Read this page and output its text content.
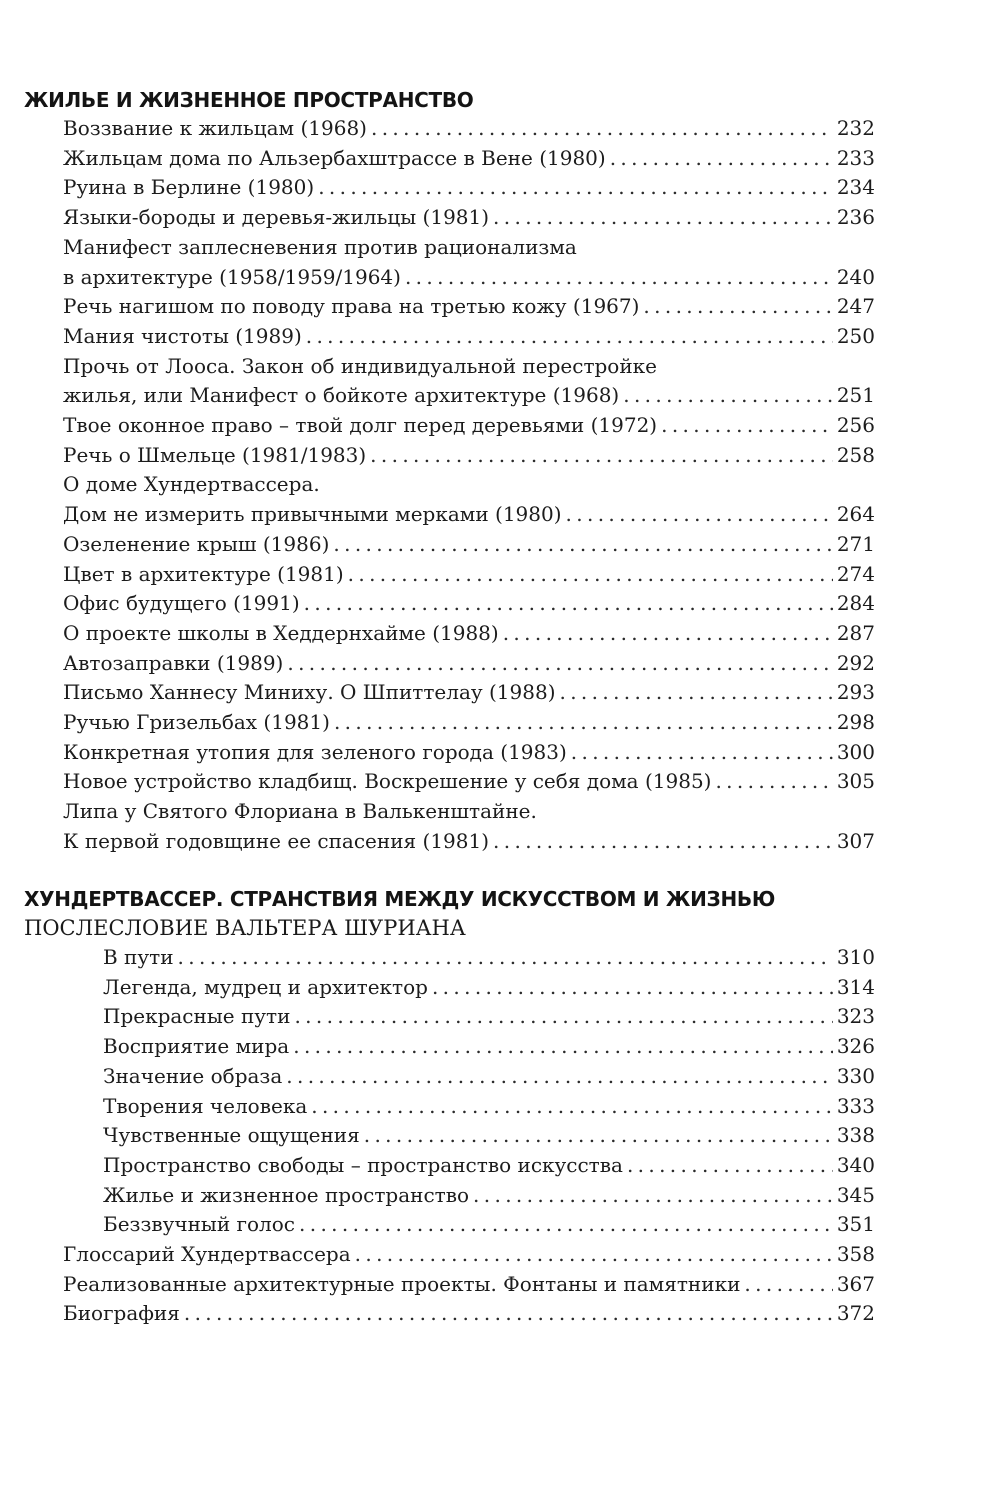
ЖИЛЬЕ И ЖИЗНЕННОЕ ПРОСТРАНСТВО
Воззвание к жильцам (1968) . . .	232
Жильцам дома по Альзербахштрассе в Вене (1980) . . .	233
Руина в Берлине (1980) . . .	234
Языки-бороды и деревья-жильцы (1981) . . .	236
Манифест заплесневения против рационализма
в архитектуре (1958/1959/1964) . . .	240
Речь нагишом по поводу права на третью кожу (1967) . . .	247
Мания чистоты (1989) . . .	250
Прочь от Лооса. Закон об индивидуальной перестройке
жилья, или Манифест о бойкоте архитектуре (1968) . . .	251
Твое оконное право – твой долг перед деревьями (1972) . . .	256
Речь о Шмельце (1981/1983) . . .	258
О доме Хундертвассера.
Дом не измерить привычными мерками (1980) . . .	264
Озеленение крыш (1986) . . .	271
Цвет в архитектуре (1981) . . .	274
Офис будущего (1991) . . .	284
О проекте школы в Хеддернхайме (1988) . . .	287
Автозаправки (1989) . . .	292
Письмо Ханнесу Миниху. О Шпиттелау (1988) . . .	293
Ручью Гризельбах (1981) . . .	298
Конкретная утопия для зеленого города (1983) . . .	300
Новое устройство кладбищ. Воскрешение у себя дома (1985) . . .	305
Липа у Святого Флориана в Валькенштайне.
К первой годовщине ее спасения (1981) . . .	307
ХУНДЕРТВАССЕР. СТРАНСТВИЯ МЕЖДУ ИСКУССТВОМ И ЖИЗНЬЮ
ПОСЛЕСЛОВИЕ ВАЛЬТЕРА ШУРИАНА
В пути . . .	310
Легенда, мудрец и архитектор . . .	314
Прекрасные пути . . .	323
Восприятие мира . . .	326
Значение образа . . .	330
Творения человека . . .	333
Чувственные ощущения . . .	338
Пространство свободы – пространство искусства . . .	340
Жилье и жизненное пространство . . .	345
Беззвучный голос . . .	351
Глоссарий Хундертвассера . . .	358
Реализованные архитектурные проекты. Фонтаны и памятники . . .	367
Биография . . .	372
